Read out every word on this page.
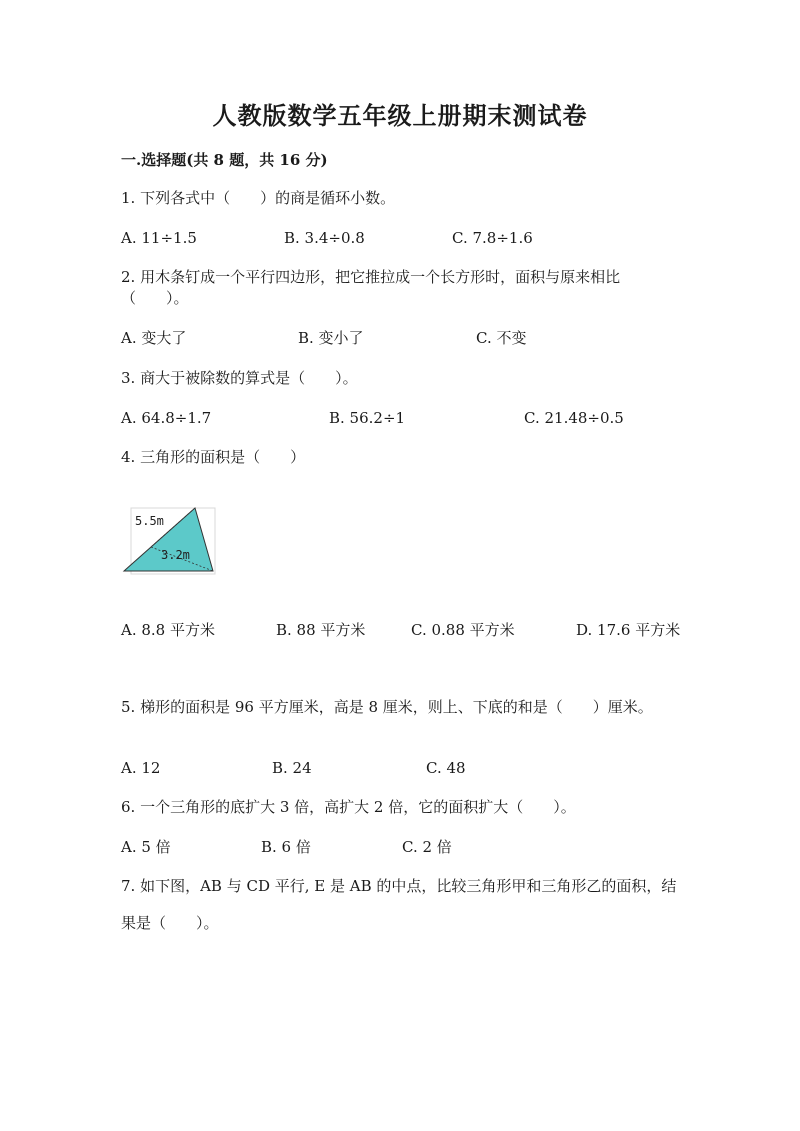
人教版数学五年级上册期末测试卷
一.选择题(共 8 题，共 16 分)
1. 下列各式中（　　）的商是循环小数。
A. 11÷1.5	B. 3.4÷0.8	C. 7.8÷1.6
2. 用木条钉成一个平行四边形，把它推拉成一个长方形时，面积与原来相比
（　　）。
A. 变大了	B. 变小了	C. 不变
3. 商大于被除数的算式是（　　）。
A. 64.8÷1.7	B. 56.2÷1	C. 21.48÷0.5
4. 三角形的面积是（　　）
5.5m
3.2m
A. 8.8 平方米	B. 88 平方米	C. 0.88 平方米	D. 17.6 平方米
5. 梯形的面积是 96 平方厘米，高是 8 厘米，则上、下底的和是（　　）厘米。
A. 12	B. 24	C. 48
6. 一个三角形的底扩大 3 倍，高扩大 2 倍，它的面积扩大（　　）。
A. 5 倍	B. 6 倍	C. 2 倍
7. 如下图，AB 与 CD 平行, E 是 AB 的中点，比较三角形甲和三角形乙的面积，结
果是（　　）。
